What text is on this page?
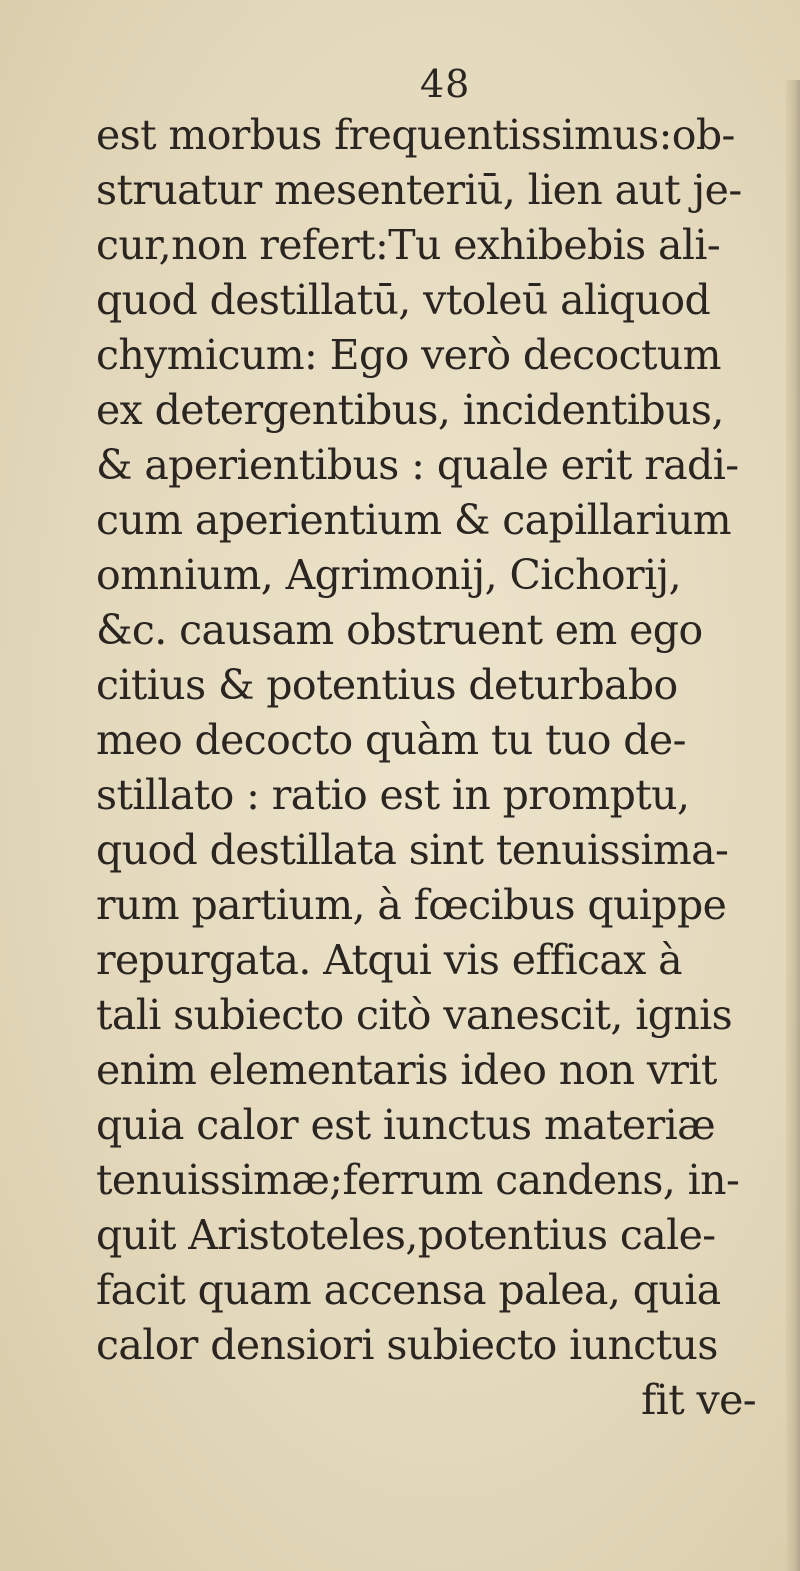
48
est morbus frequentissimus:ob-
struatur mesenteriū, lien aut je-
cur,non refert:Tu exhibebis ali-
quod destillatū, vtoleū aliquod
chymicum: Ego verò decoctum
ex detergentibus, incidentibus,
& aperientibus : quale erit radi-
cum aperientium & capillarium
omnium, Agrimonij, Cichorij,
&c. causam obstruent em ego
citius & potentius deturbabo
meo decocto quàm tu tuo de-
stillato : ratio est in promptu,
quod destillata sint tenuissima-
rum partium, à fœcibus quippe
repurgata. Atqui vis efficax à
tali subiecto citò vanescit, ignis
enim elementaris ideo non vrit
quia calor est iunctus materiæ
tenuissimæ;ferrum candens, in-
quit Aristoteles,potentius cale-
facit quam accensa palea, quia
calor densiori subiecto iunctus
fit ve-
